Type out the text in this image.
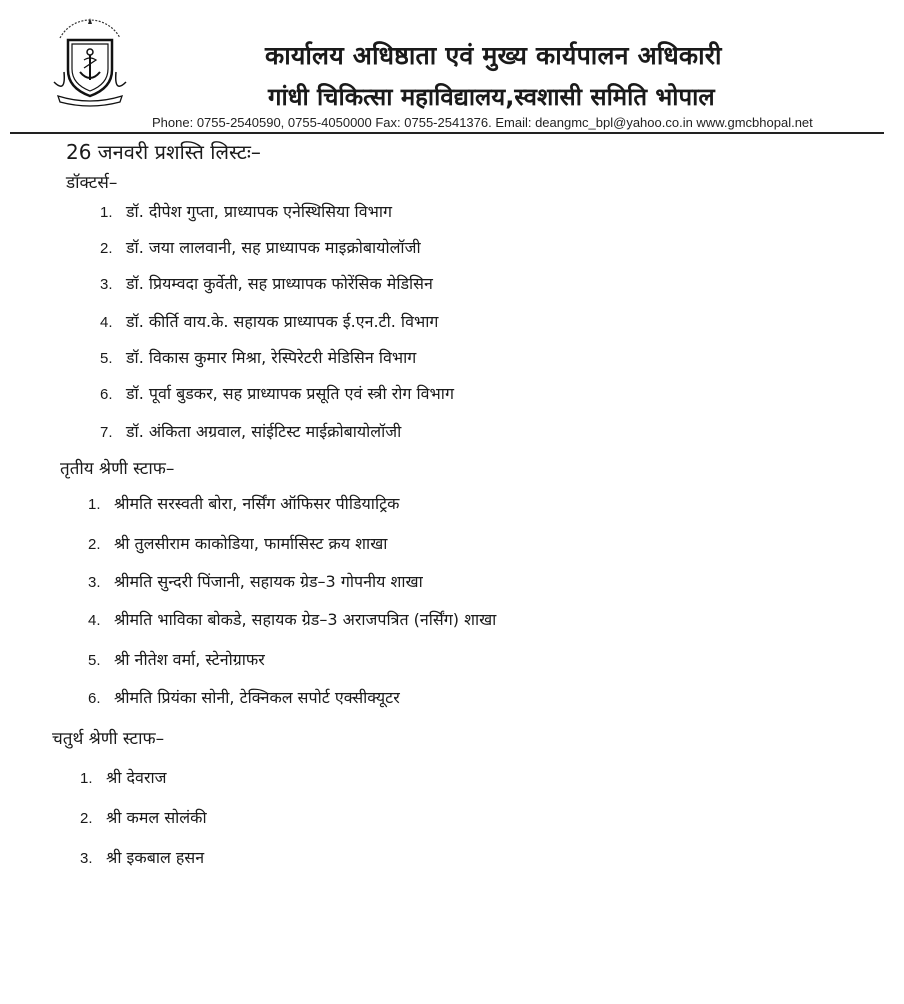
कार्यालय अधिष्ठाता एवं मुख्य कार्यपालन अधिकारी
गांधी चिकित्सा महाविद्यालय,स्वशासी समिति भोपाल
Phone: 0755-2540590, 0755-4050000 Fax: 0755-2541376. Email: deangmc_bpl@yahoo.co.in www.gmcbhopal.net
26 जनवरी प्रशस्ति लिस्टः–
डॉक्टर्स–
1. डॉ. दीपेश गुप्ता, प्राध्यापक एनेस्थिसिया विभाग
2. डॉ. जया लालवानी, सह प्राध्यापक माइक्रोबायोलॉजी
3. डॉ. प्रियम्वदा कुर्वेती, सह प्राध्यापक फोरेंसिक मेडिसिन
4. डॉ. कीर्ति वाय.के. सहायक प्राध्यापक ई.एन.टी. विभाग
5. डॉ. विकास कुमार मिश्रा, रेस्पिरेटरी मेडिसिन विभाग
6. डॉ. पूर्वा बुडकर, सह प्राध्यापक प्रसूति एवं स्त्री रोग विभाग
7. डॉ. अंकिता अग्रवाल, सांईटिस्ट माईक्रोबायोलॉजी
तृतीय श्रेणी स्टाफ–
1. श्रीमति सरस्वती बोरा, नर्सिंग ऑफिसर पीडियाट्रिक
2. श्री तुलसीराम काकोडिया, फार्मासिस्ट क्रय शाखा
3. श्रीमति सुन्दरी पिंजानी, सहायक ग्रेड–3 गोपनीय शाखा
4. श्रीमति भाविका बोकडे, सहायक ग्रेड–3 अराजपत्रित (नर्सिंग) शाखा
5. श्री नीतेश वर्मा, स्टेनोग्राफर
6. श्रीमति प्रियंका सोनी, टेक्निकल सपोर्ट एक्सीक्यूटर
चतुर्थ श्रेणी स्टाफ–
1. श्री देवराज
2. श्री कमल सोलंकी
3. श्री इकबाल हसन
